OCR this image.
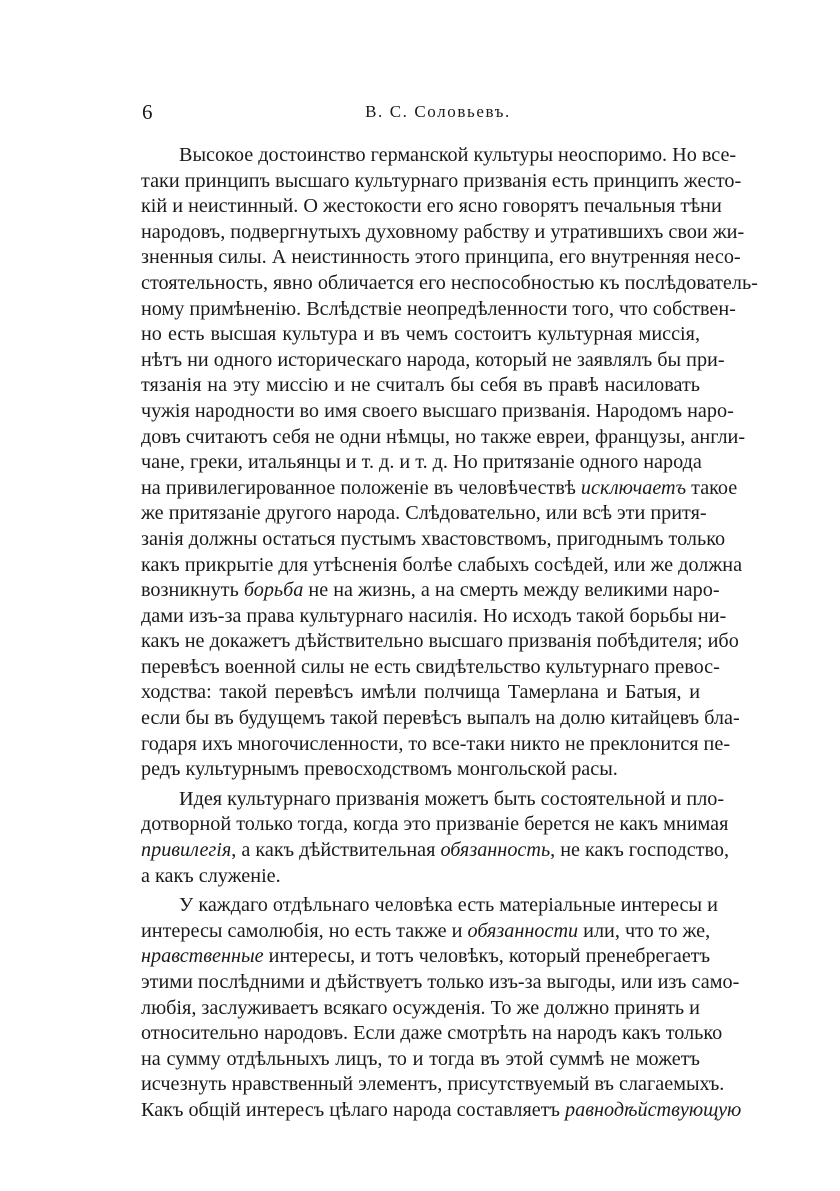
6	В. С. Соловьевъ.
Высокое достоинство германской культуры неоспоримо. Но все-
таки принципъ высшаго культурнаго призванія есть принципъ жесто-
кій и неистинный. О жестокости его ясно говорятъ печальныя тѣни
народовъ, подвергнутыхъ духовному рабству и утратившихъ свои жи-
зненныя силы. А неистинность этого принципа, его внутренняя несо-
стоятельность, явно обличается его неспособностью къ послѣдователь-
ному примѣненію. Вслѣдствіе неопредѣленности того, что собствен-
но есть высшая культура и въ чемъ состоитъ культурная миссія,
нѣтъ ни одного историческаго народа, который не заявлялъ бы при-
тязанія на эту миссію и не считалъ бы себя въ правѣ насиловать
чужія народности во имя своего высшаго призванія. Народомъ наро-
довъ считаютъ себя не одни нѣмцы, но также евреи, французы, англи-
чане, греки, итальянцы и т. д. и т. д. Но притязаніе одного народа
на привилегированное положеніе въ человѣчествѣ исключаетъ такое
же притязаніе другого народа. Слѣдовательно, или всѣ эти притя-
занія должны остаться пустымъ хвастовствомъ, пригоднымъ только
какъ прикрытіе для утѣсненія болѣе слабыхъ сосѣдей, или же должна
возникнуть борьба не на жизнь, а на смерть между великими наро-
дами изъ-за права культурнаго насилія. Но исходъ такой борьбы ни-
какъ не докажетъ дѣйствительно высшаго призванія побѣдителя; ибо
перевѣсъ военной силы не есть свидѣтельство культурнаго превос-
ходства: такой перевѣсъ имѣли полчища Тамерлана и Батыя, и
если бы въ будущемъ такой перевѣсъ выпалъ на долю китайцевъ бла-
годаря ихъ многочисленности, то все-таки никто не преклонится пе-
редъ культурнымъ превосходствомъ монгольской расы.
Идея культурнаго призванія можетъ быть состоятельной и пло-
дотворной только тогда, когда это призваніе берется не какъ мнимая
привилегія, а какъ дѣйствительная обязанность, не какъ господство,
а какъ служеніе.
У каждаго отдѣльнаго человѣка есть матеріальные интересы и
интересы самолюбія, но есть также и обязанности или, что то же,
нравственные интересы, и тотъ человѣкъ, который пренебрегаетъ
этими послѣдними и дѣйствуетъ только изъ-за выгоды, или изъ само-
любія, заслуживаетъ всякаго осужденія. То же должно принять и
относительно народовъ. Если даже смотрѣть на народъ какъ только
на сумму отдѣльныхъ лицъ, то и тогда въ этой суммѣ не можетъ
исчезнуть нравственный элементъ, присутствуемый въ слагаемыхъ.
Какъ общій интересъ цѣлаго народа составляетъ равнодѣйствующую
